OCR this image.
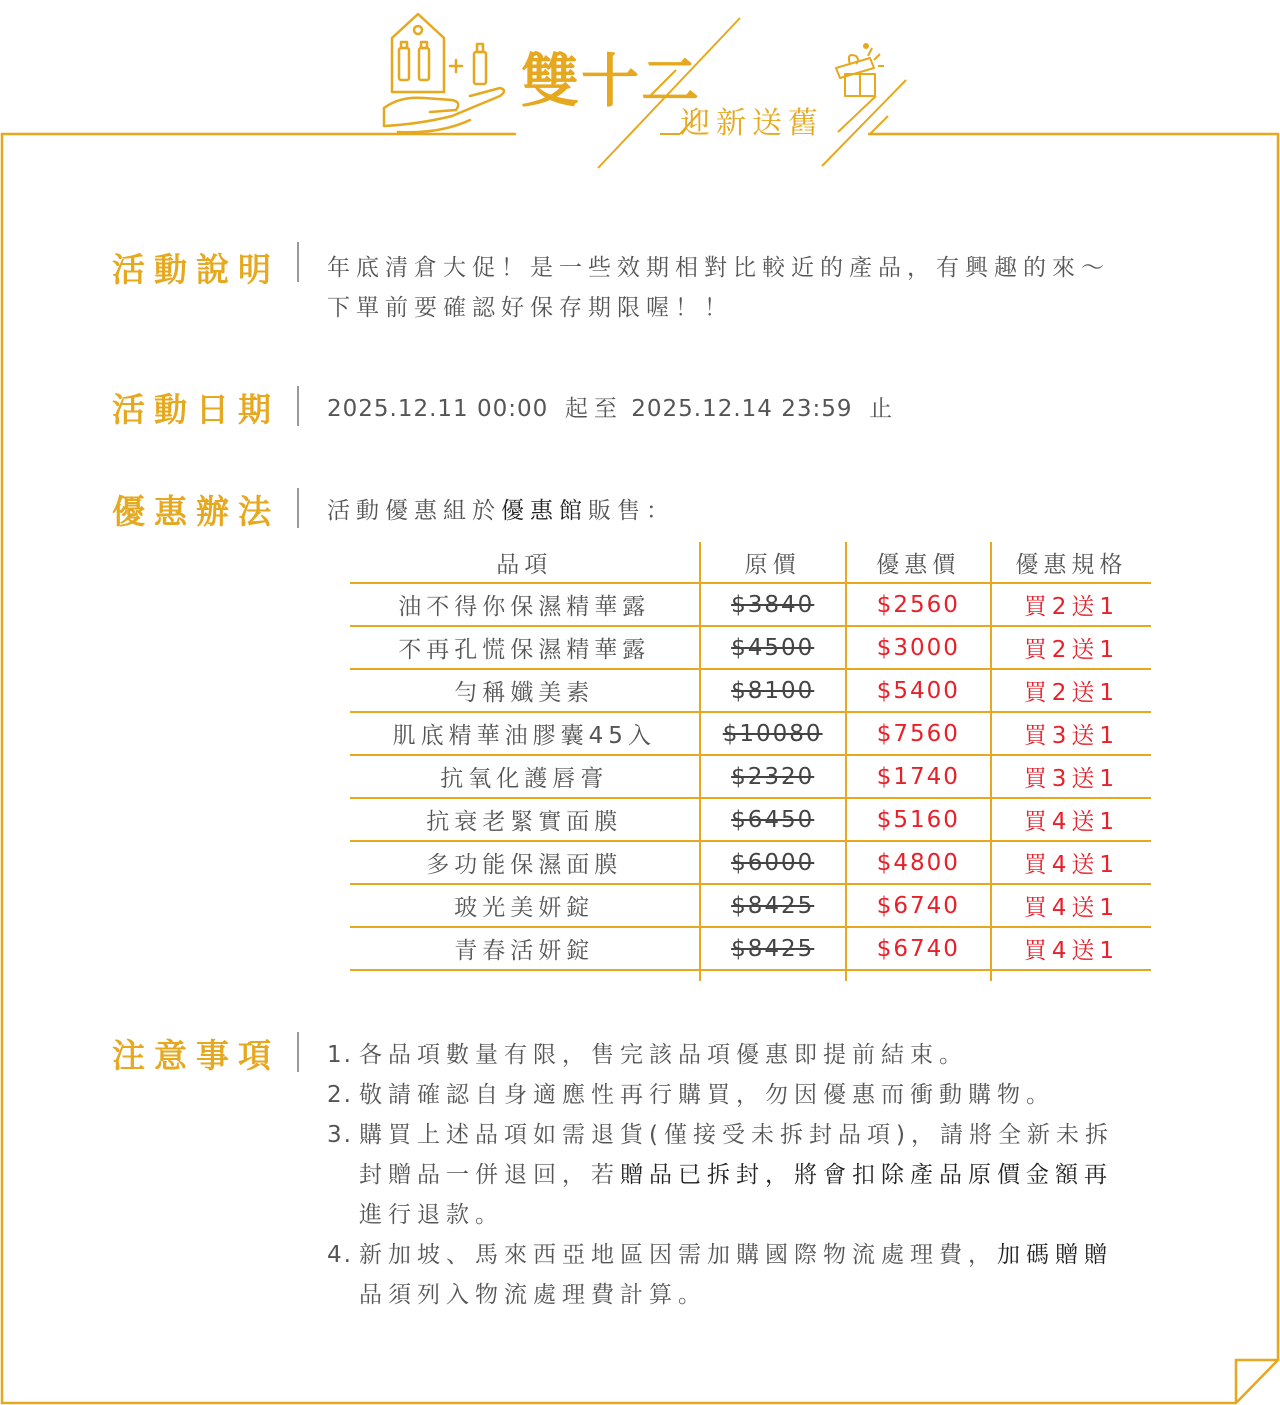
雙十二
迎新送舊
活動說明 年底清倉大促！是一些效期相對比較近的產品，有興趣的來～
下單前要確認好保存期限喔！！
活動日期 2025.12.11 00:00 起至 2025.12.14 23:59 止
優惠辦法 活動優惠組於優惠館販售：
品項	原價	優惠價	優惠規格
油不得你保濕精華露	$3840	$2560	買2送1
不再孔慌保濕精華露	$4500	$3000	買2送1
勻稱孅美素	$8100	$5400	買2送1
肌底精華油膠囊45入	$10080	$7560	買3送1
抗氧化護唇膏	$2320	$1740	買3送1
抗衰老緊實面膜	$6450	$5160	買4送1
多功能保濕面膜	$6000	$4800	買4送1
玻光美妍錠	$8425	$6740	買4送1
青春活妍錠	$8425	$6740	買4送1

注意事項 1. 各品項數量有限，售完該品項優惠即提前結束。
2. 敬請確認自身適應性再行購買，勿因優惠而衝動購物。
3. 購買上述品項如需退貨(僅接受未拆封品項)，請將全新未拆
封贈品一併退回，若贈品已拆封，將會扣除產品原價金額再
進行退款。
4. 新加坡、馬來西亞地區因需加購國際物流處理費，加碼贈贈
品須列入物流處理費計算。
